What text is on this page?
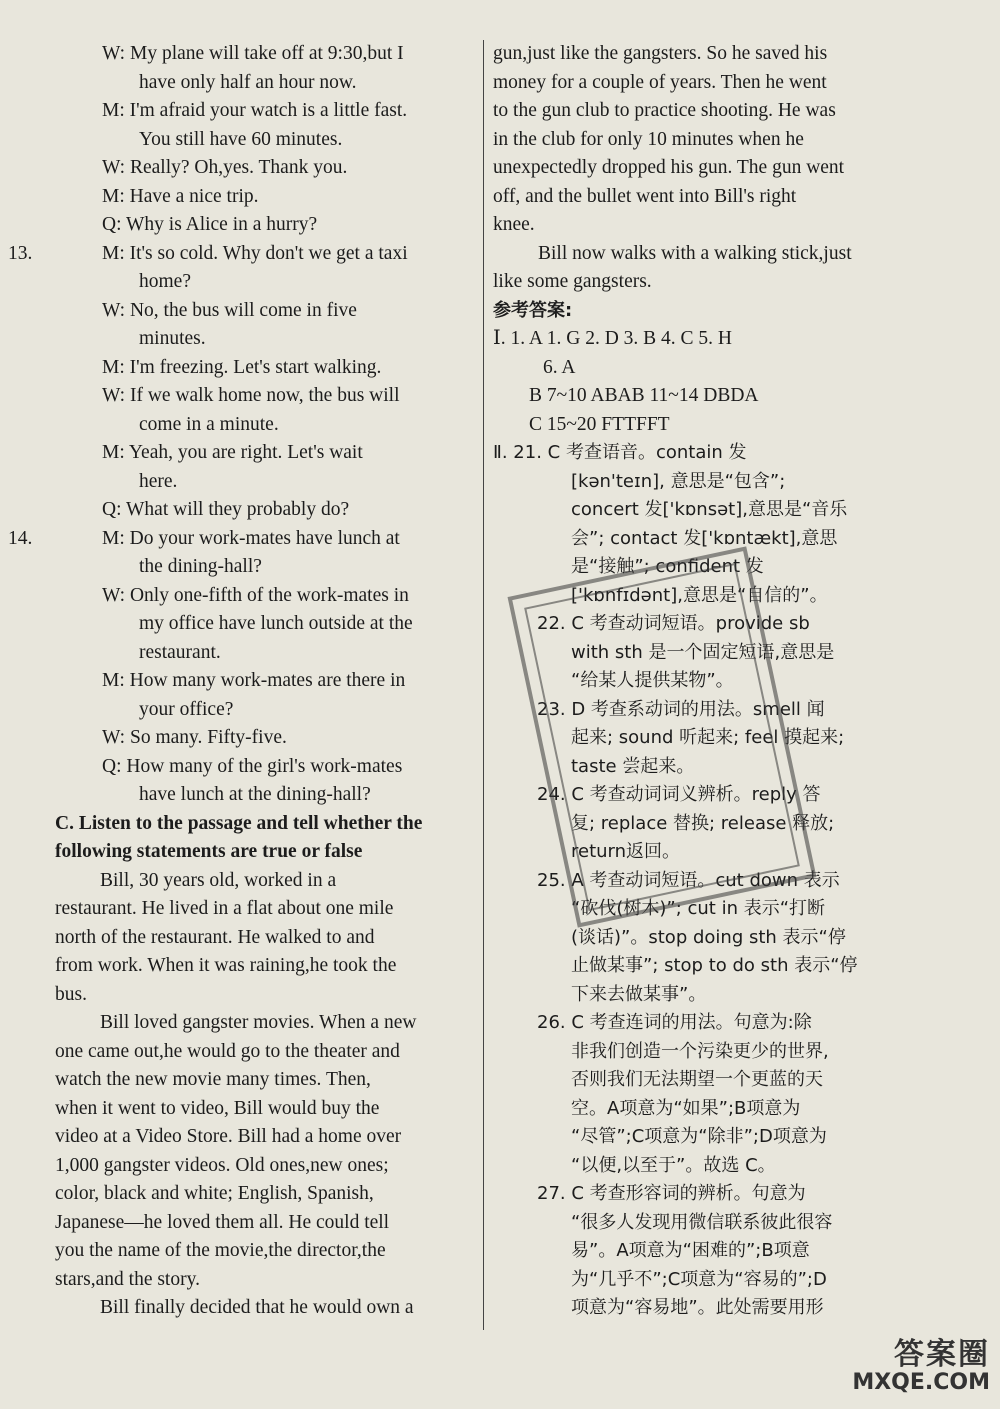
W: My plane will take off at 9:30,but I
have only half an hour now.
M: I'm afraid your watch is a little fast.
You still have 60 minutes.
W: Really? Oh,yes. Thank you.
M: Have a nice trip.
Q: Why is Alice in a hurry?
13.	M: It's so cold. Why don't we get a taxi
home?
W: No, the bus will come in five
minutes.
M: I'm freezing. Let's start walking.
W: If we walk home now, the bus will
come in a minute.
M: Yeah, you are right. Let's wait
here.
Q: What will they probably do?
14.	M: Do your work-mates have lunch at
the dining-hall?
W: Only one-fifth of the work-mates in
my office have lunch outside at the
restaurant.
M: How many work-mates are there in
your office?
W: So many. Fifty-five.
Q: How many of the girl's work-mates
have lunch at the dining-hall?
C. Listen to the passage and tell whether the
following statements are true or false
Bill, 30 years old, worked in a
restaurant. He lived in a flat about one mile
north of the restaurant. He walked to and
from work. When it was raining,he took the
bus.
Bill loved gangster movies. When a new
one came out,he would go to the theater and
watch the new movie many times. Then,
when it went to video, Bill would buy the
video at a Video Store. Bill had a home over
1,000 gangster videos. Old ones,new ones;
color, black and white; English, Spanish,
Japanese—he loved them all. He could tell
you the name of the movie,the director,the
stars,and the story.
Bill finally decided that he would own a
gun,just like the gangsters. So he saved his
money for a couple of years. Then he went
to the gun club to practice shooting. He was
in the club for only 10 minutes when he
unexpectedly dropped his gun. The gun went
off, and the bullet went into Bill's right
knee.
Bill now walks with a walking stick,just
like some gangsters.
参考答案:
Ⅰ. 1. A 1. G 2. D 3. B 4. C 5. H
6. A
B 7~10 ABAB 11~14 DBDA
C 15~20 FTTFFT
Ⅱ. 21. C 考查语音。contain 发
[kən'teɪn], 意思是“包含”;
concert 发['kɒnsət],意思是“音乐
会”; contact 发['kɒntækt],意思
是“接触”; confident 发
['kɒnfɪdənt],意思是“自信的”。
22. C 考查动词短语。provide sb
with sth 是一个固定短语,意思是
“给某人提供某物”。
23. D 考查系动词的用法。smell 闻
起来; sound 听起来; feel 摸起来;
taste 尝起来。
24. C 考查动词词义辨析。reply 答
复; replace 替换; release 释放;
return返回。
25. A 考查动词短语。cut down 表示
“砍伐(树木)”; cut in 表示“打断
(谈话)”。stop doing sth 表示“停
止做某事”; stop to do sth 表示“停
下来去做某事”。
26. C 考查连词的用法。句意为:除
非我们创造一个污染更少的世界,
否则我们无法期望一个更蓝的天
空。A项意为“如果”;B项意为
“尽管”;C项意为“除非”;D项意为
“以便,以至于”。故选 C。
27. C 考查形容词的辨析。句意为
“很多人发现用微信联系彼此很容
易”。A项意为“困难的”;B项意
为“几乎不”;C项意为“容易的”;D
项意为“容易地”。此处需要用形
答案圈
MXQE.COM
